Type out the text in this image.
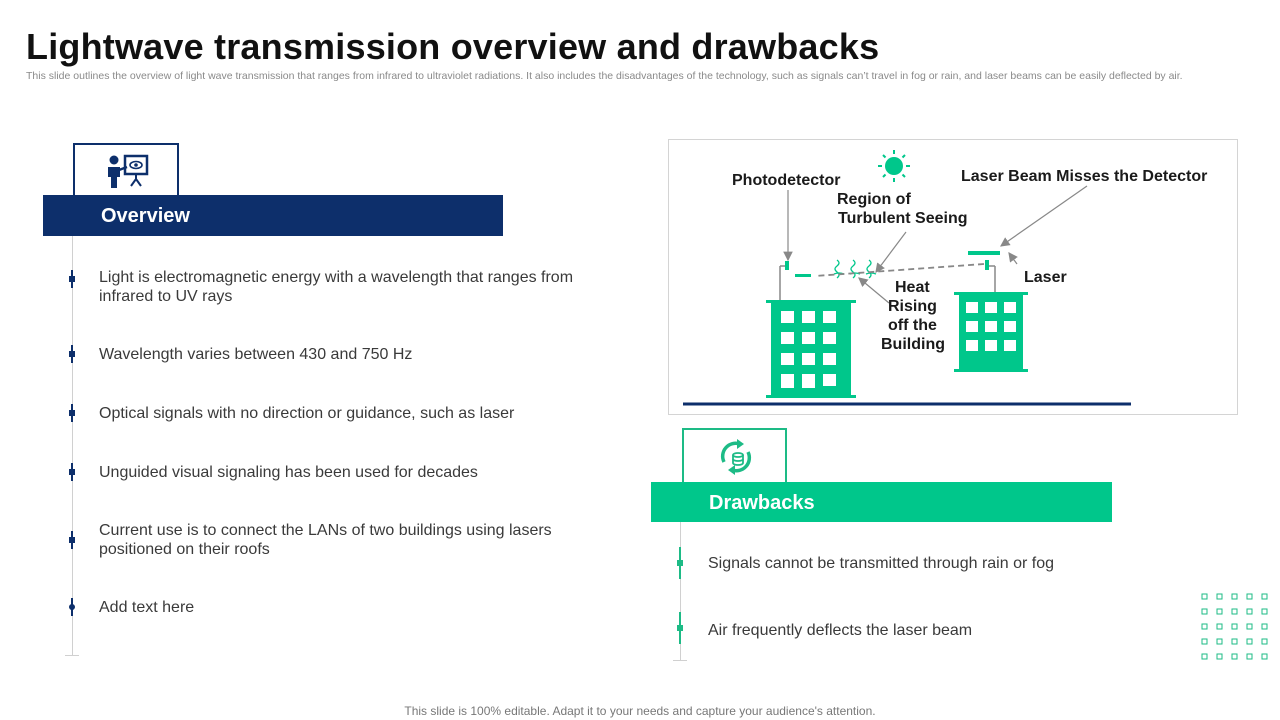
Lightwave transmission overview and drawbacks
This slide outlines the overview of light wave transmission that ranges from infrared to ultraviolet radiations. It also includes the disadvantages of the technology, such as signals can’t travel in fog or rain, and laser beams can be easily deflected by air.
Overview
Light is electromagnetic energy with a wavelength that ranges from infrared to UV rays
Wavelength varies between 430 and 750 Hz
Optical signals with no direction or guidance, such as laser
Unguided visual signaling has been used for decades
Current use is to connect the LANs of two buildings using lasers positioned on their roofs
Add text here
Photodetector
Region of
Turbulent Seeing
Laser Beam Misses the Detector
Laser
Heat
Rising
off the
Building
Drawbacks
Signals cannot be transmitted through rain or fog
Air frequently deflects the laser beam
This slide is 100% editable. Adapt it to your needs and capture your audience's attention.
